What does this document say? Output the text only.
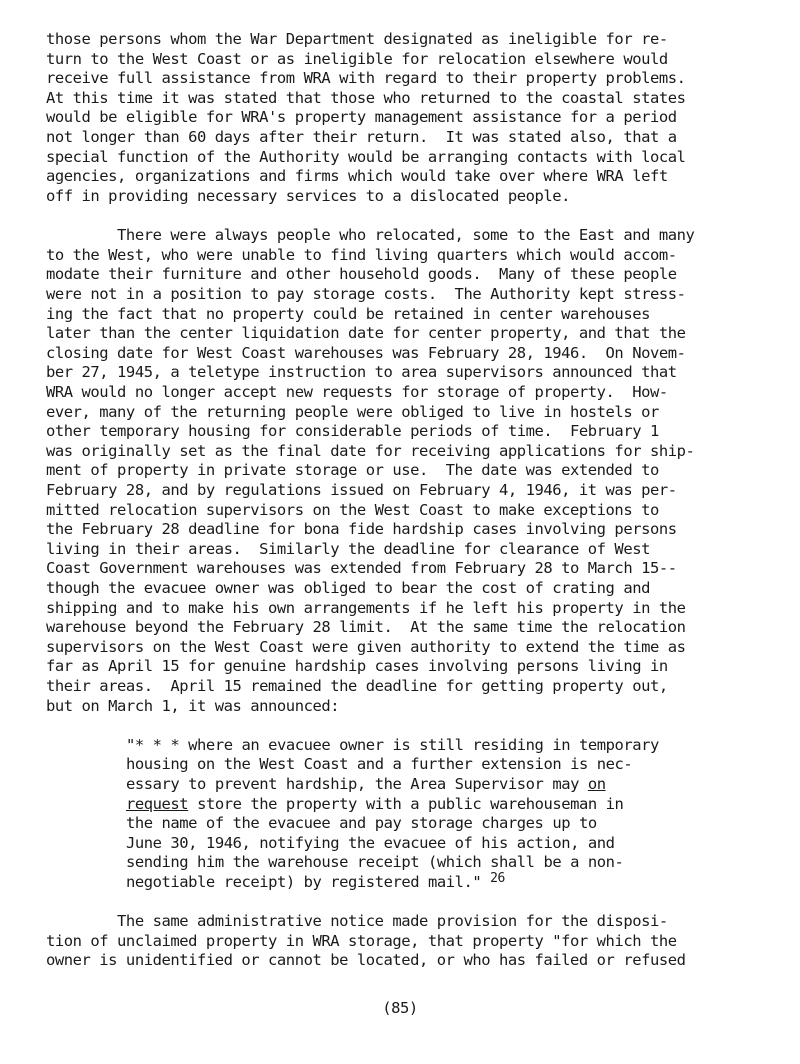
those persons whom the War Department designated as ineligible for re-
turn to the West Coast or as ineligible for relocation elsewhere would
receive full assistance from WRA with regard to their property problems.
At this time it was stated that those who returned to the coastal states
would be eligible for WRA's property management assistance for a period
not longer than 60 days after their return.  It was stated also, that a
special function of the Authority would be arranging contacts with local
agencies, organizations and firms which would take over where WRA left
off in providing necessary services to a dislocated people.
There were always people who relocated, some to the East and many
to the West, who were unable to find living quarters which would accom-
modate their furniture and other household goods.  Many of these people
were not in a position to pay storage costs.  The Authority kept stress-
ing the fact that no property could be retained in center warehouses
later than the center liquidation date for center property, and that the
closing date for West Coast warehouses was February 28, 1946.  On Novem-
ber 27, 1945, a teletype instruction to area supervisors announced that
WRA would no longer accept new requests for storage of property.  How-
ever, many of the returning people were obliged to live in hostels or
other temporary housing for considerable periods of time.  February 1
was originally set as the final date for receiving applications for ship-
ment of property in private storage or use.  The date was extended to
February 28, and by regulations issued on February 4, 1946, it was per-
mitted relocation supervisors on the West Coast to make exceptions to
the February 28 deadline for bona fide hardship cases involving persons
living in their areas.  Similarly the deadline for clearance of West
Coast Government warehouses was extended from February 28 to March 15--
though the evacuee owner was obliged to bear the cost of crating and
shipping and to make his own arrangements if he left his property in the
warehouse beyond the February 28 limit.  At the same time the relocation
supervisors on the West Coast were given authority to extend the time as
far as April 15 for genuine hardship cases involving persons living in
their areas.  April 15 remained the deadline for getting property out,
but on March 1, it was announced:
"* * * where an evacuee owner is still residing in temporary
housing on the West Coast and a further extension is nec-
essary to prevent hardship, the Area Supervisor may on
request store the property with a public warehouseman in
the name of the evacuee and pay storage charges up to
June 30, 1946, notifying the evacuee of his action, and
sending him the warehouse receipt (which shall be a non-
negotiable receipt) by registered mail." $^{26}$
The same administrative notice made provision for the disposi-
tion of unclaimed property in WRA storage, that property "for which the
owner is unidentified or cannot be located, or who has failed or refused
(85)
